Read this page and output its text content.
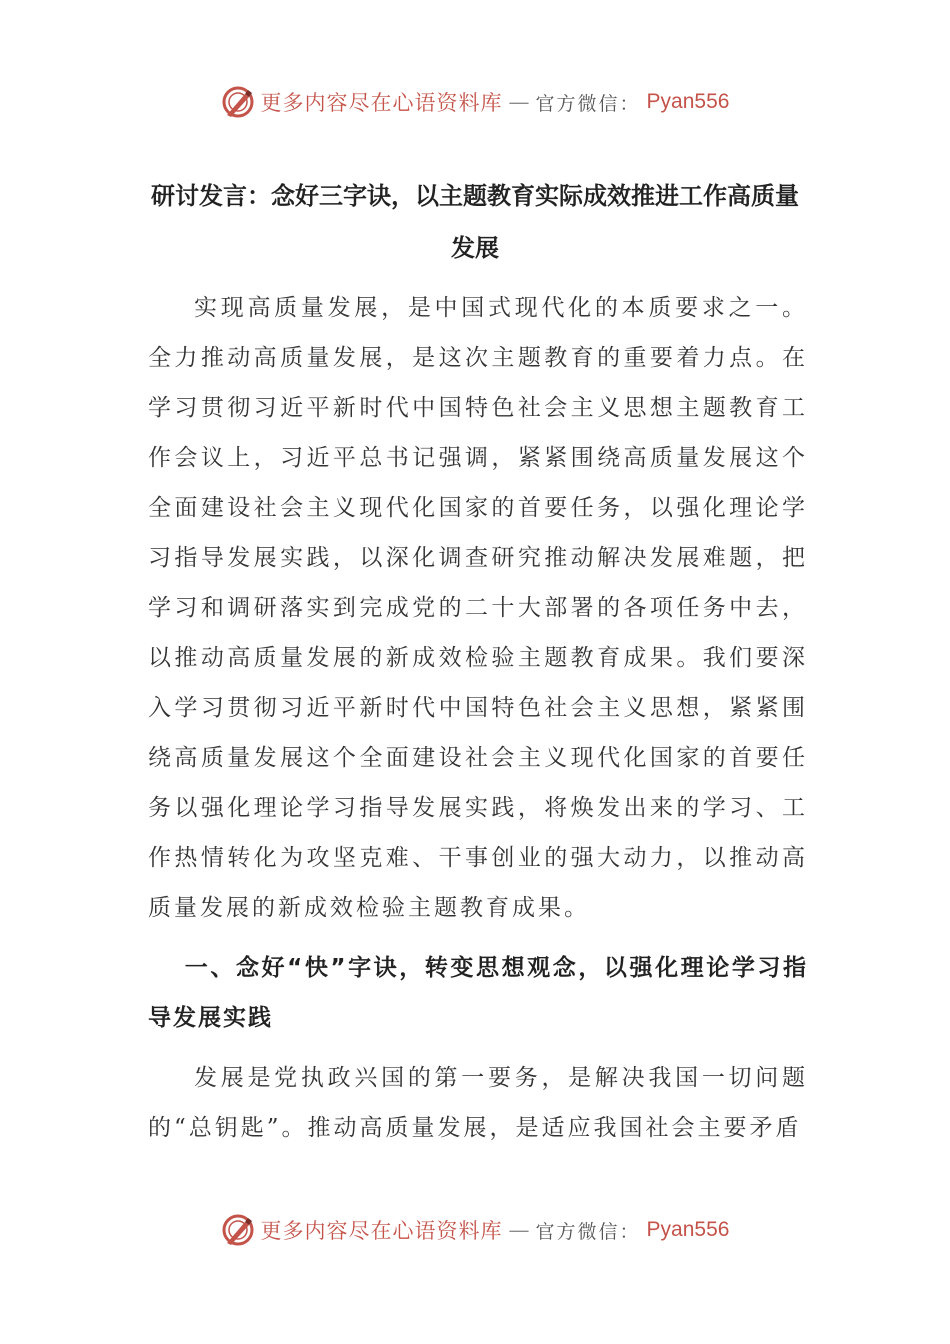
更多内容尽在心语资料库 — 官方微信： Pyan556
研讨发言：念好三字诀，以主题教育实际成效推进工作高质量发展

实现高质量发展，是中国式现代化的本质要求之一。全力推动高质量发展，是这次主题教育的重要着力点。在学习贯彻习近平新时代中国特色社会主义思想主题教育工作会议上，习近平总书记强调，紧紧围绕高质量发展这个全面建设社会主义现代化国家的首要任务，以强化理论学习指导发展实践，以深化调查研究推动解决发展难题，把学习和调研落实到完成党的二十大部署的各项任务中去，以推动高质量发展的新成效检验主题教育成果。我们要深入学习贯彻习近平新时代中国特色社会主义思想，紧紧围绕高质量发展这个全面建设社会主义现代化国家的首要任务以强化理论学习指导发展实践，将焕发出来的学习、工作热情转化为攻坚克难、干事创业的强大动力，以推动高质量发展的新成效检验主题教育成果。

一、念好“快”字诀，转变思想观念，以强化理论学习指导发展实践

发展是党执政兴国的第一要务，是解决我国一切问题的“总钥匙”。推动高质量发展，是适应我国社会主要矛盾

更多内容尽在心语资料库 — 官方微信： Pyan556
